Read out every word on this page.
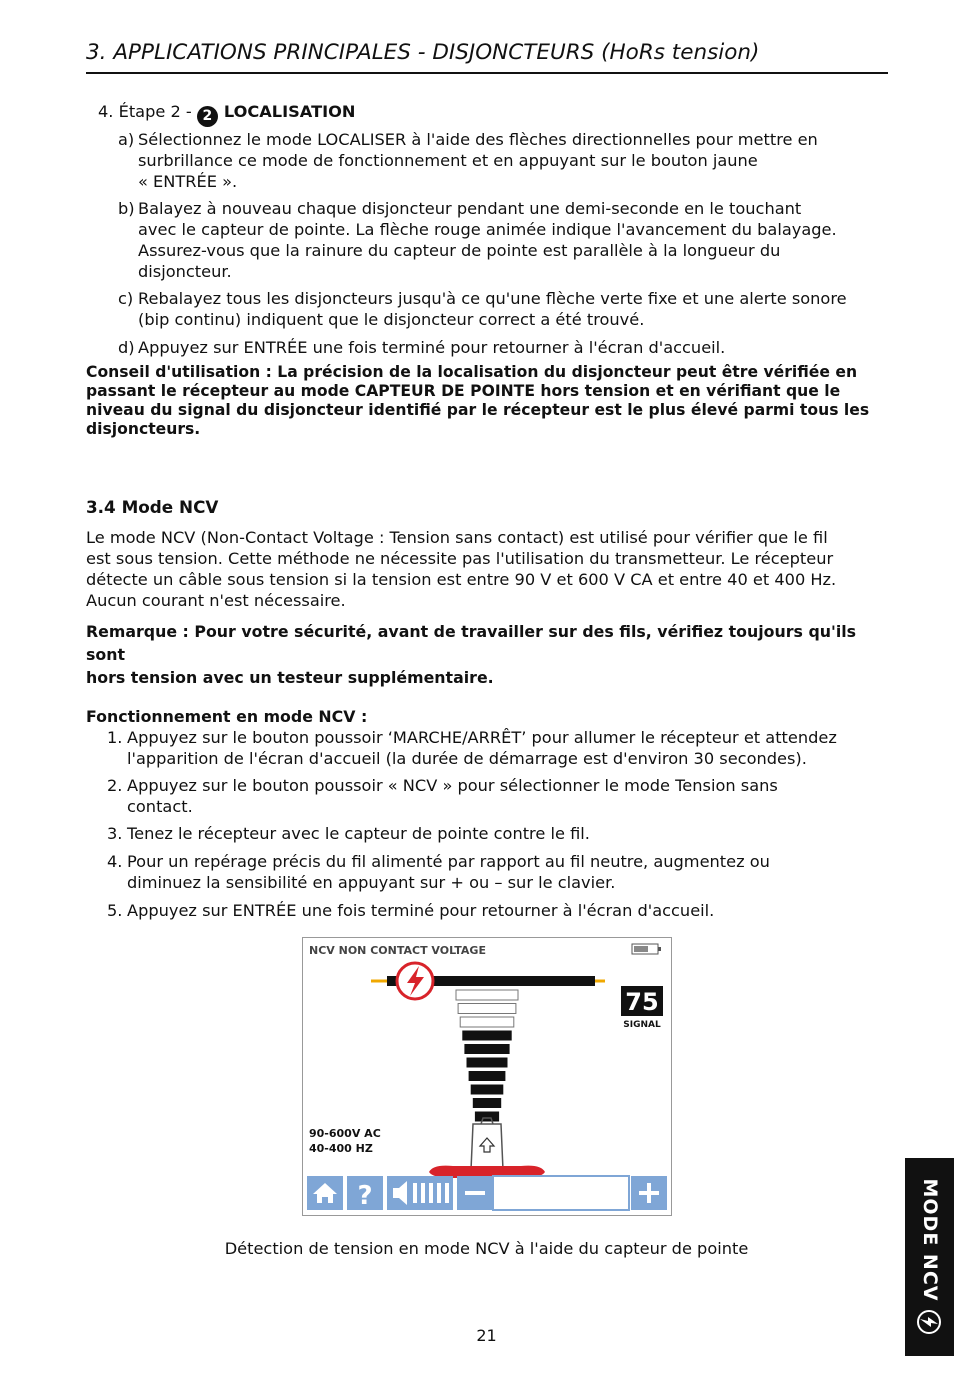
3. APPLICATIONS PRINCIPALES - DISJONCTEURS (HoRs tension)
4. Étape 2 - 2 LOCALISATION
a) Sélectionnez le mode LOCALISER à l'aide des flèches directionnelles pour mettre en
surbrillance ce mode de fonctionnement et en appuyant sur le bouton jaune
« ENTRÉE ».
b) Balayez à nouveau chaque disjoncteur pendant une demi-seconde en le touchant
avec le capteur de pointe. La flèche rouge animée indique l'avancement du balayage.
Assurez-vous que la rainure du capteur de pointe est parallèle à la longueur du
disjoncteur.
c) Rebalayez tous les disjoncteurs jusqu'à ce qu'une flèche verte fixe et une alerte sonore
(bip continu) indiquent que le disjoncteur correct a été trouvé.
d) Appuyez sur ENTRÉE une fois terminé pour retourner à l'écran d'accueil.
Conseil d'utilisation : La précision de la localisation du disjoncteur peut être vérifiée en
passant le récepteur au mode CAPTEUR DE POINTE hors tension et en vérifiant que le
niveau du signal du disjoncteur identifié par le récepteur est le plus élevé parmi tous les
disjoncteurs.
3.4 Mode NCV
Le mode NCV (Non-Contact Voltage : Tension sans contact) est utilisé pour vérifier que le fil
est sous tension. Cette méthode ne nécessite pas l'utilisation du transmetteur. Le récepteur
détecte un câble sous tension si la tension est entre 90 V et 600 V CA et entre 40 et 400 Hz.
Aucun courant n'est nécessaire.
Remarque : Pour votre sécurité, avant de travailler sur des fils, vérifiez toujours qu'ils sont
hors tension avec un testeur supplémentaire.
Fonctionnement en mode NCV :
1. Appuyez sur le bouton poussoir ‘MARCHE/ARRÊT’ pour allumer le récepteur et attendez
l'apparition de l'écran d'accueil (la durée de démarrage est d'environ 30 secondes).
2. Appuyez sur le bouton poussoir « NCV » pour sélectionner le mode Tension sans
contact.
3. Tenez le récepteur avec le capteur de pointe contre le fil.
4. Pour un repérage précis du fil alimenté par rapport au fil neutre, augmentez ou
diminuez la sensibilité en appuyant sur + ou – sur le clavier.
5. Appuyez sur ENTRÉE une fois terminé pour retourner à l'écran d'accueil.
NCV NON CONTACT VOLTAGE
75
SIGNAL
90-600V AC
40-400 HZ
?
Détection de tension en mode NCV à l'aide du capteur de pointe
21
MODE NCV
